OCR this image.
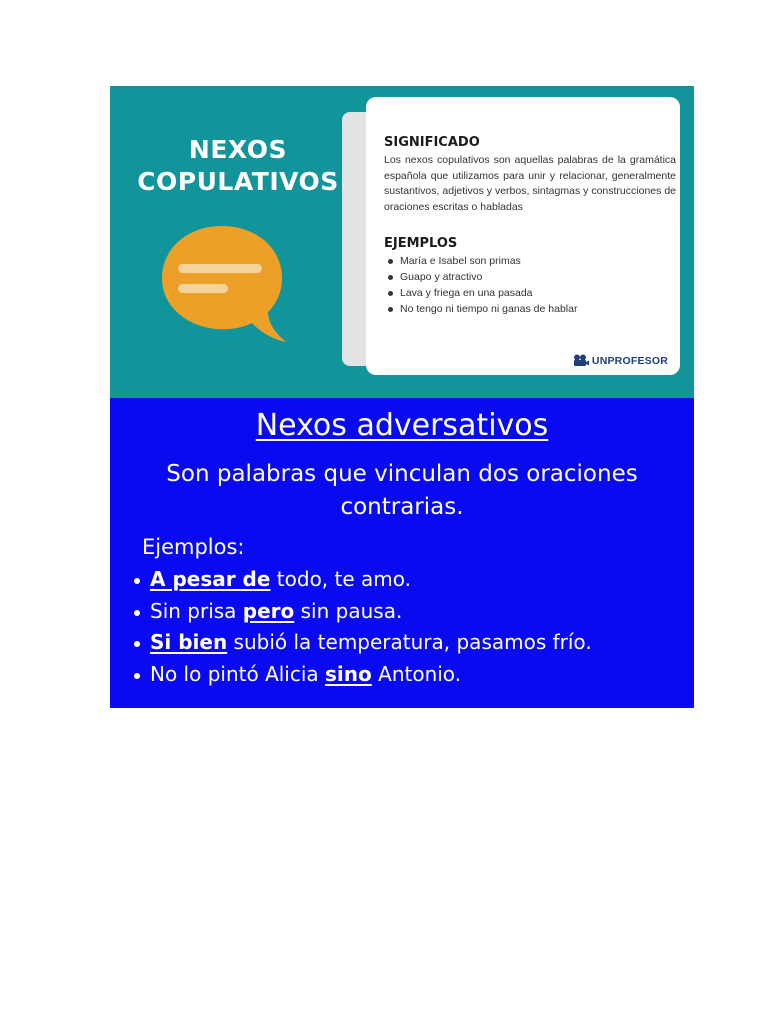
NEXOS
COPULATIVOS
SIGNIFICADO
Los nexos copulativos son aquellas palabras de la gramática española que utilizamos para unir y relacionar, generalmente sustantivos, adjetivos y verbos, sintagmas y construcciones de oraciones escritas o habladas
EJEMPLOS
María e Isabel son primas
Guapo y atractivo
Lava y friega en una pasada
No tengo ni tiempo ni ganas de hablar
UNPROFESOR
Nexos adversativos
Son palabras que vinculan dos oraciones contrarias.
Ejemplos:
A pesar de todo, te amo.
Sin prisa pero sin pausa.
Si bien subió la temperatura, pasamos frío.
No lo pintó Alicia sino Antonio.
